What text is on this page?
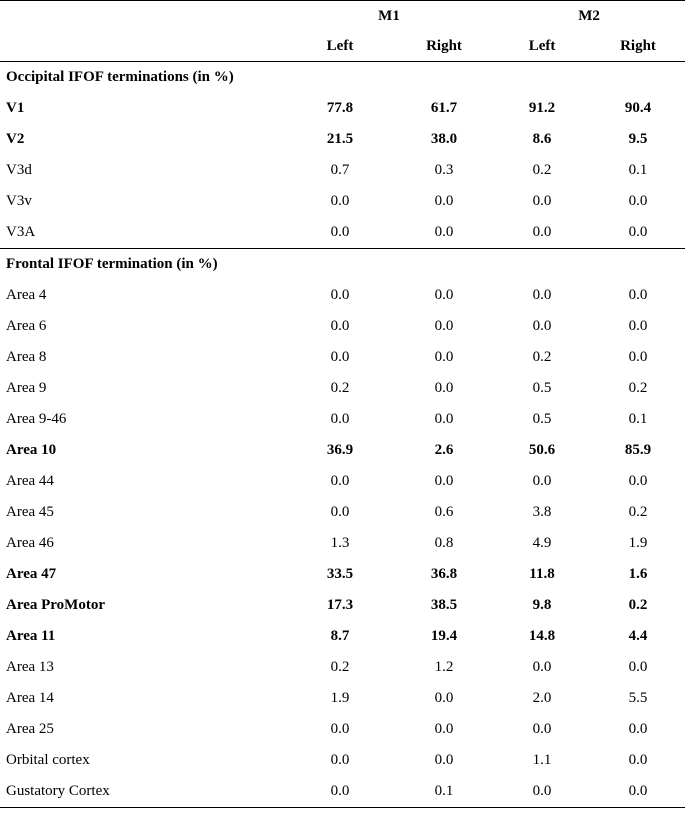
	M1		M2	
	Left	Right	Left	Right
Occipital IFOF terminations (in %)				
V1	77.8	61.7	91.2	90.4
V2	21.5	38.0	8.6	9.5
V3d	0.7	0.3	0.2	0.1
V3v	0.0	0.0	0.0	0.0
V3A	0.0	0.0	0.0	0.0
Frontal IFOF termination (in %)				
Area 4	0.0	0.0	0.0	0.0
Area 6	0.0	0.0	0.0	0.0
Area 8	0.0	0.0	0.2	0.0
Area 9	0.2	0.0	0.5	0.2
Area 9-46	0.0	0.0	0.5	0.1
Area 10	36.9	2.6	50.6	85.9
Area 44	0.0	0.0	0.0	0.0
Area 45	0.0	0.6	3.8	0.2
Area 46	1.3	0.8	4.9	1.9
Area 47	33.5	36.8	11.8	1.6
Area ProMotor	17.3	38.5	9.8	0.2
Area 11	8.7	19.4	14.8	4.4
Area 13	0.2	1.2	0.0	0.0
Area 14	1.9	0.0	2.0	5.5
Area 25	0.0	0.0	0.0	0.0
Orbital cortex	0.0	0.0	1.1	0.0
Gustatory Cortex	0.0	0.1	0.0	0.0
